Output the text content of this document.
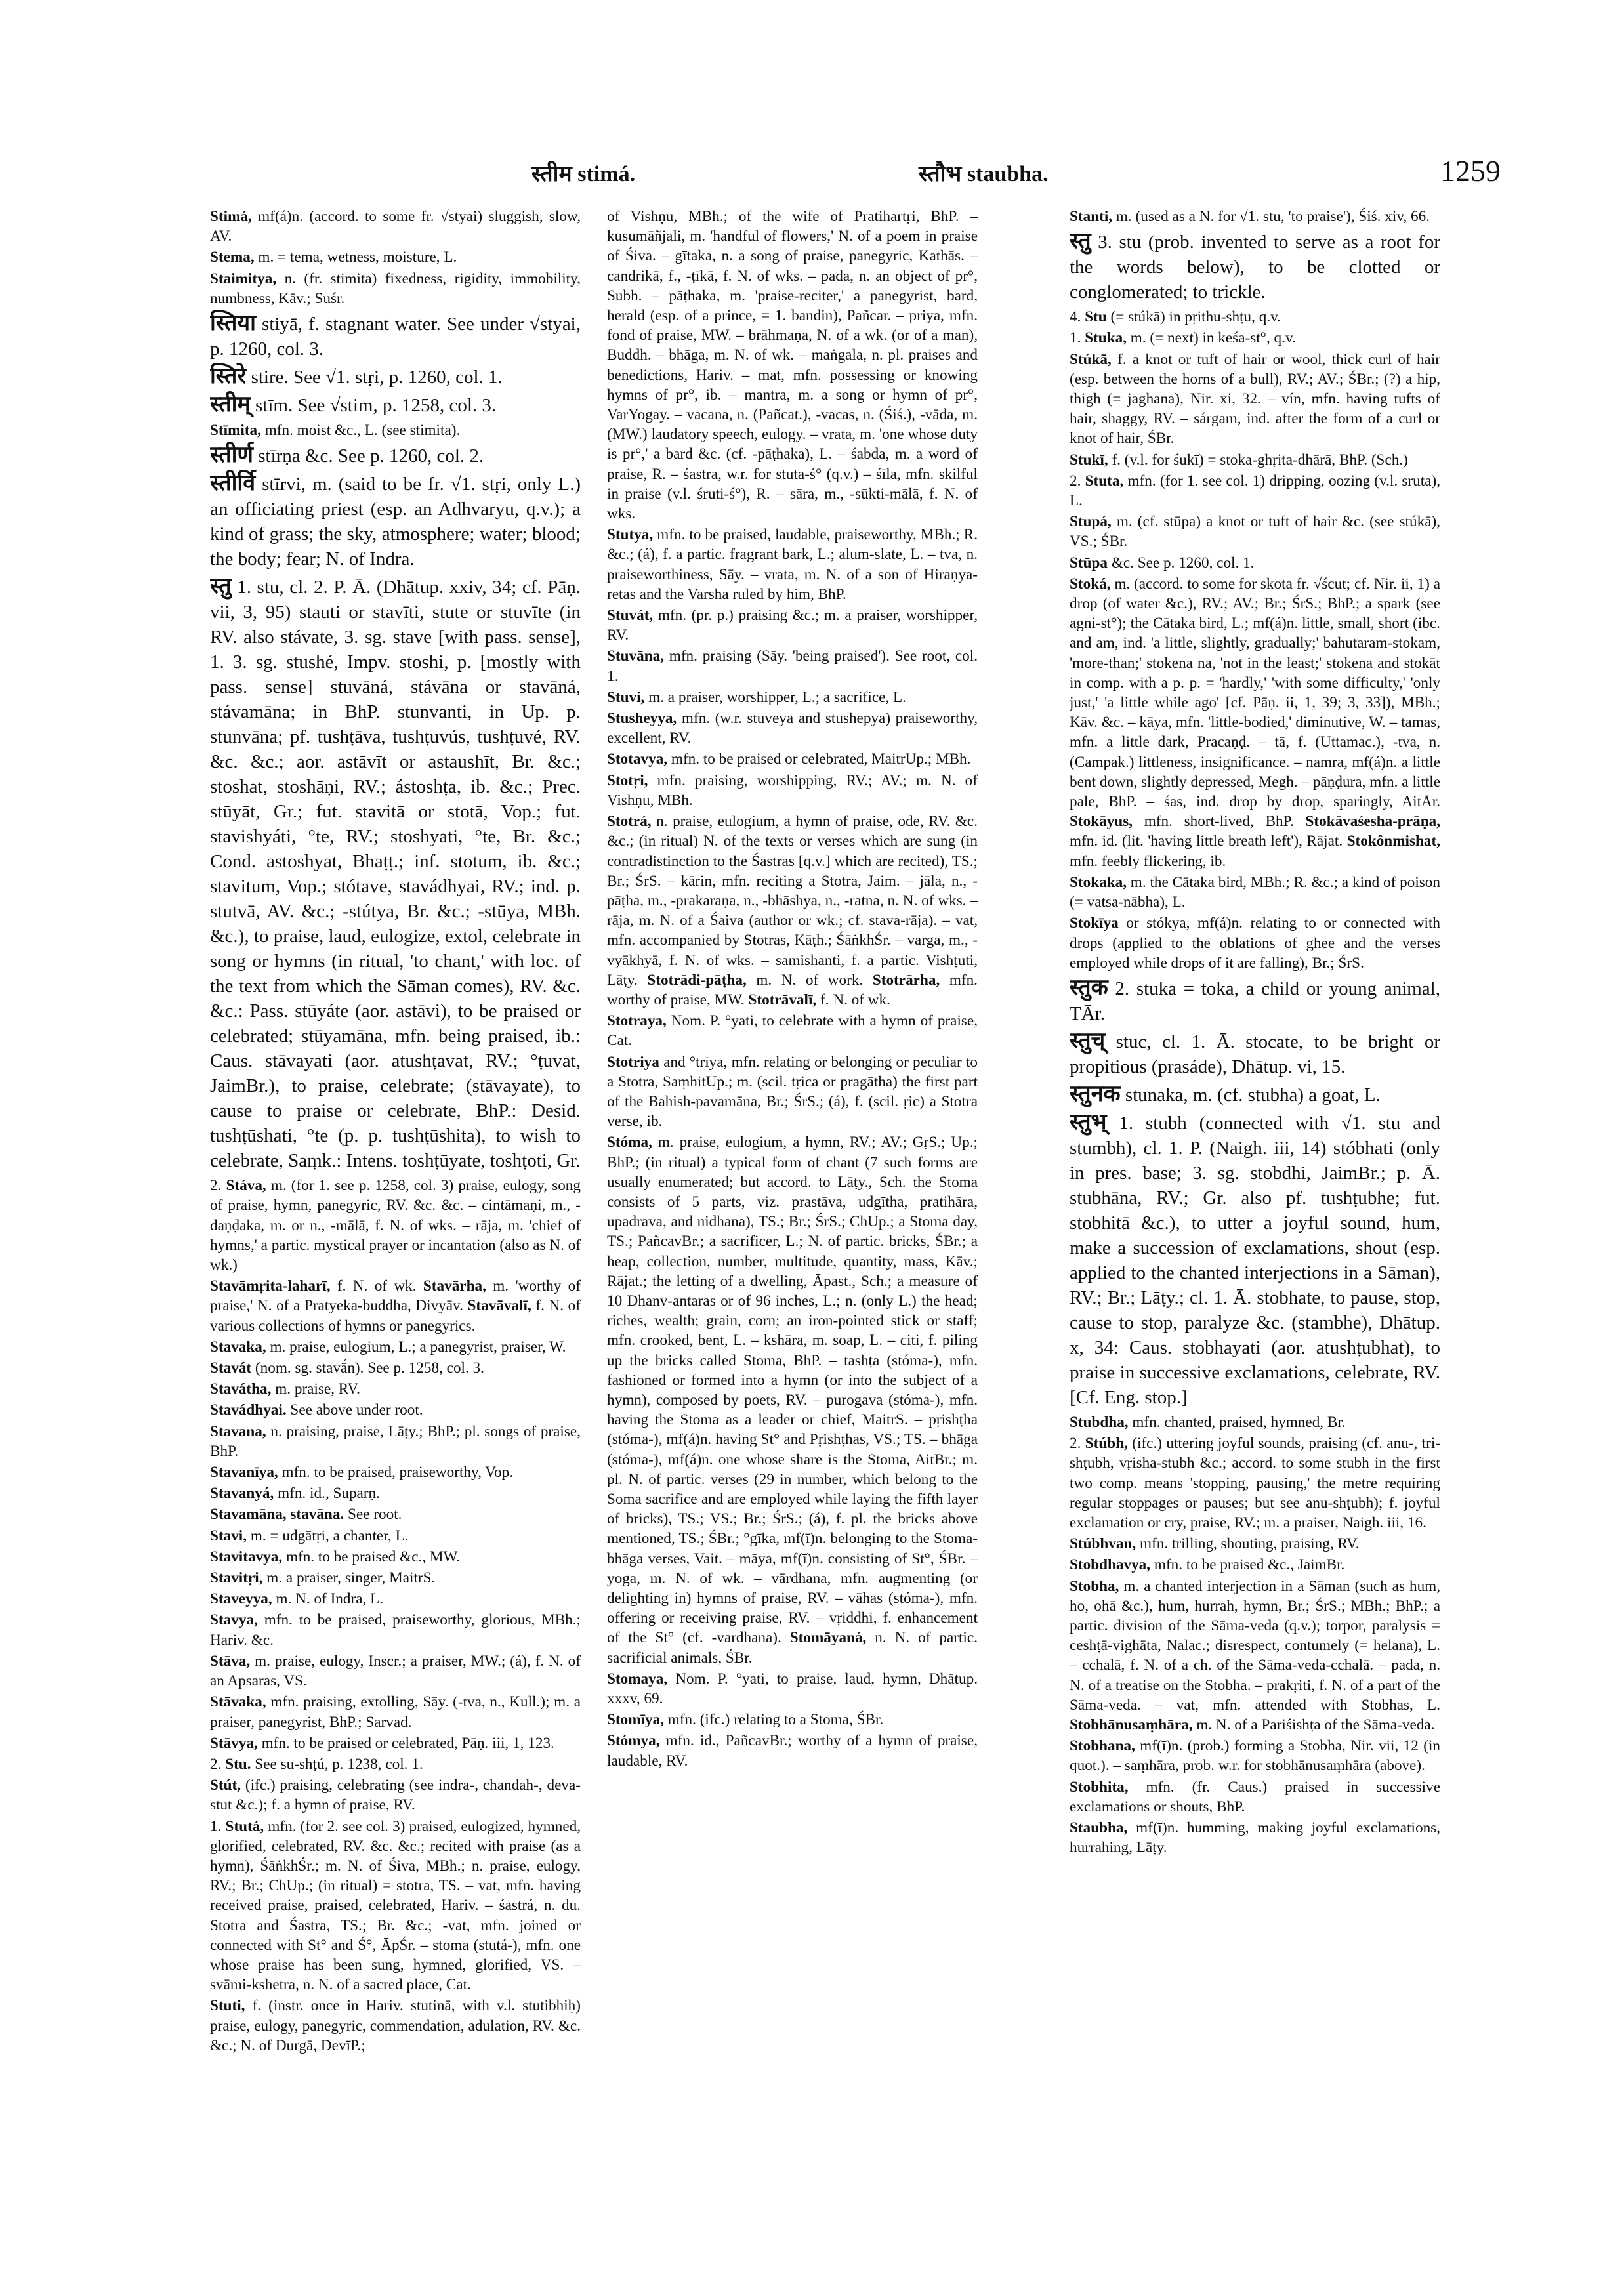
स्तीम stimá.	स्तौभ staubha.	1259

Stimá, mf(á)n. (accord. to some fr. √styai) sluggish, slow, AV.

Stema, m. = tema, wetness, moisture, L.

Staimitya, n. (fr. stimita) fixedness, rigidity, immobility, numbness, Kāv.; Suśr.

स्तिया stiyā, f. stagnant water. See under √styai, p. 1260, col. 3.

स्तिरे stire. See √1. stṛi, p. 1260, col. 1.

स्तीम् stīm. See √stim, p. 1258, col. 3.

Stīmita, mfn. moist &c., L. (see stimita).

स्तीर्ण stīrṇa &c. See p. 1260, col. 2.

स्तीर्वि stīrvi, m. (said to be fr. √1. stṛi, only L.) an officiating priest (esp. an Adhvaryu, q.v.); a kind of grass; the sky, atmosphere; water; blood; the body; fear; N. of Indra.

स्तु 1. stu, cl. 2. P. Ā. (Dhātup. xxiv, 34; cf. Pāṇ. vii, 3, 95) stauti or stavīti, stute or stuvīte (in RV. also stávate, 3. sg. stave [with pass. sense], 1. 3. sg. stushé, Impv. stoshi, p. [mostly with pass. sense] stuvāná, stávāna or stavāná, stávamāna; in BhP. stunvanti, in Up. p. stunvāna; pf. tushṭāva, tushṭuvús, tushṭuvé, RV. &c. &c.; aor. astāvīt or astaushīt, Br. &c.; stoshat, stoshāṇi, RV.; ástoshṭa, ib. &c.; Prec. stūyāt, Gr.; fut. stavitā or stotā, Vop.; fut. stavishyáti, °te, RV.; stoshyati, °te, Br. &c.; Cond. astoshyat, Bhaṭṭ.; inf. stotum, ib. &c.; stavitum, Vop.; stótave, stavádhyai, RV.; ind. p. stutvā, AV. &c.; -stútya, Br. &c.; -stūya, MBh. &c.), to praise, laud, eulogize, extol, celebrate in song or hymns (in ritual, 'to chant,' with loc. of the text from which the Sāman comes), RV. &c. &c.: Pass. stūyáte (aor. astāvi), to be praised or celebrated; stūyamāna, mfn. being praised, ib.: Caus. stāvayati (aor. atushṭavat, RV.; °ṭuvat, JaimBr.), to praise, celebrate; (stāvayate), to cause to praise or celebrate, BhP.: Desid. tushṭūshati, °te (p. p. tushṭūshita), to wish to celebrate, Saṃk.: Intens. toshṭūyate, toshṭoti, Gr.

2. Stáva, m. (for 1. see p. 1258, col. 3) praise, eulogy, song of praise, hymn, panegyric, RV. &c. &c. – cintāmaṇi, m., -daṇḍaka, m. or n., -mālā, f. N. of wks. – rāja, m. 'chief of hymns,' a partic. mystical prayer or incantation (also as N. of wk.)

Stavāmṛita-laharī, f. N. of wk. Stavārha, m. 'worthy of praise,' N. of a Pratyeka-buddha, Divyāv. Stavāvalī, f. N. of various collections of hymns or panegyrics.

Stavaka, m. praise, eulogium, L.; a panegyrist, praiser, W.

Stavát (nom. sg. stavā́n). See p. 1258, col. 3.

Stavátha, m. praise, RV.

Stavádhyai. See above under root.

Stavana, n. praising, praise, Lāṭy.; BhP.; pl. songs of praise, BhP.

Stavanīya, mfn. to be praised, praiseworthy, Vop.

Stavanyá, mfn. id., Suparṇ.

Stavamāna, stavāna. See root.

Stavi, m. = udgātṛi, a chanter, L.

Stavitavya, mfn. to be praised &c., MW.

Stavitṛi, m. a praiser, singer, MaitrS.

Staveyya, m. N. of Indra, L.

Stavya, mfn. to be praised, praiseworthy, glorious, MBh.; Hariv. &c.

Stāva, m. praise, eulogy, Inscr.; a praiser, MW.; (á), f. N. of an Apsaras, VS.

Stāvaka, mfn. praising, extolling, Sāy. (-tva, n., Kull.); m. a praiser, panegyrist, BhP.; Sarvad.

Stāvya, mfn. to be praised or celebrated, Pāṇ. iii, 1, 123.

2. Stu. See su-shṭú, p. 1238, col. 1.

Stút, (ifc.) praising, celebrating (see indra-, chandah-, deva-stut &c.); f. a hymn of praise, RV.

1. Stutá, mfn. (for 2. see col. 3) praised, eulogized, hymned, glorified, celebrated, RV. &c. &c.; recited with praise (as a hymn), ŚāṅkhŚr.; m. N. of Śiva, MBh.; n. praise, eulogy, RV.; Br.; ChUp.; (in ritual) = stotra, TS. – vat, mfn. having received praise, praised, celebrated, Hariv. – śastrá, n. du. Stotra and Śastra, TS.; Br. &c.; -vat, mfn. joined or connected with St° and Ś°, ĀpŚr. – stoma (stutá-), mfn. one whose praise has been sung, hymned, glorified, VS. – svāmi-kshetra, n. N. of a sacred place, Cat.

Stuti, f. (instr. once in Hariv. stutinā, with v.l. stutibhiḥ) praise, eulogy, panegyric, commendation, adulation, RV. &c. &c.; N. of Durgā, DevīP.;

of Vishṇu, MBh.; of the wife of Pratihartṛi, BhP. – kusumāñjali, m. 'handful of flowers,' N. of a poem in praise of Śiva. – gītaka, n. a song of praise, panegyric, Kathās. – candrikā, f., -ṭīkā, f. N. of wks. – pada, n. an object of pr°, Subh. – pāṭhaka, m. 'praise-reciter,' a panegyrist, bard, herald (esp. of a prince, = 1. bandin), Pañcar. – priya, mfn. fond of praise, MW. – brāhmaṇa, N. of a wk. (or of a man), Buddh. – bhāga, m. N. of wk. – maṅgala, n. pl. praises and benedictions, Hariv. – mat, mfn. possessing or knowing hymns of pr°, ib. – mantra, m. a song or hymn of pr°, VarYogay. – vacana, n. (Pañcat.), -vacas, n. (Śiś.), -vāda, m. (MW.) laudatory speech, eulogy. – vrata, m. 'one whose duty is pr°,' a bard &c. (cf. -pāṭhaka), L. – śabda, m. a word of praise, R. – śastra, w.r. for stuta-ś° (q.v.) – śīla, mfn. skilful in praise (v.l. śruti-ś°), R. – sāra, m., -sūkti-mālā, f. N. of wks.

Stutya, mfn. to be praised, laudable, praiseworthy, MBh.; R. &c.; (á), f. a partic. fragrant bark, L.; alum-slate, L. – tva, n. praiseworthiness, Sāy. – vrata, m. N. of a son of Hiraṇya-retas and the Varsha ruled by him, BhP.

Stuvát, mfn. (pr. p.) praising &c.; m. a praiser, worshipper, RV.

Stuvāna, mfn. praising (Sāy. 'being praised'). See root, col. 1.

Stuvi, m. a praiser, worshipper, L.; a sacrifice, L.

Stusheyya, mfn. (w.r. stuveya and stushepya) praiseworthy, excellent, RV.

Stotavya, mfn. to be praised or celebrated, MaitrUp.; MBh.

Stotṛi, mfn. praising, worshipping, RV.; AV.; m. N. of Vishṇu, MBh.

Stotrá, n. praise, eulogium, a hymn of praise, ode, RV. &c. &c.; (in ritual) N. of the texts or verses which are sung (in contradistinction to the Śastras [q.v.] which are recited), TS.; Br.; ŚrS. – kārin, mfn. reciting a Stotra, Jaim. – jāla, n., -pāṭha, m., -prakaraṇa, n., -bhāshya, n., -ratna, n. N. of wks. – rāja, m. N. of a Śaiva (author or wk.; cf. stava-rāja). – vat, mfn. accompanied by Stotras, Kāṭh.; ŚāṅkhŚr. – varga, m., -vyākhyā, f. N. of wks. – samishanti, f. a partic. Vishṭuti, Lāṭy. Stotrādi-pāṭha, m. N. of work. Stotrārha, mfn. worthy of praise, MW. Stotrāvalī, f. N. of wk.

Stotraya, Nom. P. °yati, to celebrate with a hymn of praise, Cat.

Stotriya and °trīya, mfn. relating or belonging or peculiar to a Stotra, SaṃhitUp.; m. (scil. tṛica or pragātha) the first part of the Bahish-pavamāna, Br.; ŚrS.; (á), f. (scil. ṛic) a Stotra verse, ib.

Stóma, m. praise, eulogium, a hymn, RV.; AV.; GṛS.; Up.; BhP.; (in ritual) a typical form of chant (7 such forms are usually enumerated; but accord. to Lāṭy., Sch. the Stoma consists of 5 parts, viz. prastāva, udgītha, pratihāra, upadrava, and nidhana), TS.; Br.; ŚrS.; ChUp.; a Stoma day, TS.; PañcavBr.; a sacrificer, L.; N. of partic. bricks, ŚBr.; a heap, collection, number, multitude, quantity, mass, Kāv.; Rājat.; the letting of a dwelling, Āpast., Sch.; a measure of 10 Dhanv-antaras or of 96 inches, L.; n. (only L.) the head; riches, wealth; grain, corn; an iron-pointed stick or staff; mfn. crooked, bent, L. – kshāra, m. soap, L. – citi, f. piling up the bricks called Stoma, BhP. – tashṭa (stóma-), mfn. fashioned or formed into a hymn (or into the subject of a hymn), composed by poets, RV. – purogava (stóma-), mfn. having the Stoma as a leader or chief, MaitrS. – pṛishṭha (stóma-), mf(á)n. having St° and Pṛishṭhas, VS.; TS. – bhāga (stóma-), mf(á)n. one whose share is the Stoma, AitBr.; m. pl. N. of partic. verses (29 in number, which belong to the Soma sacrifice and are employed while laying the fifth layer of bricks), TS.; VS.; Br.; ŚrS.; (á), f. pl. the bricks above mentioned, TS.; ŚBr.; °gīka, mf(ī)n. belonging to the Stoma-bhāga verses, Vait. – māya, mf(ī)n. consisting of St°, ŚBr. – yoga, m. N. of wk. – vārdhana, mfn. augmenting (or delighting in) hymns of praise, RV. – vāhas (stóma-), mfn. offering or receiving praise, RV. – vṛiddhi, f. enhancement of the St° (cf. -vardhana). Stomāyaná, n. N. of partic. sacrificial animals, ŚBr.

Stomaya, Nom. P. °yati, to praise, laud, hymn, Dhātup. xxxv, 69.

Stomīya, mfn. (ifc.) relating to a Stoma, ŚBr.

Stómya, mfn. id., PañcavBr.; worthy of a hymn of praise, laudable, RV.

Stanti, m. (used as a N. for √1. stu, 'to praise'), Śiś. xiv, 66.

स्तु 3. stu (prob. invented to serve as a root for the words below), to be clotted or conglomerated; to trickle.

4. Stu (= stúkā) in pṛithu-shṭu, q.v.

1. Stuka, m. (= next) in keśa-st°, q.v.

Stúkā, f. a knot or tuft of hair or wool, thick curl of hair (esp. between the horns of a bull), RV.; AV.; ŚBr.; (?) a hip, thigh (= jaghana), Nir. xi, 32. – vín, mfn. having tufts of hair, shaggy, RV. – sárgam, ind. after the form of a curl or knot of hair, ŚBr.

Stukī, f. (v.l. for śukī) = stoka-ghṛita-dhārā, BhP. (Sch.)

2. Stuta, mfn. (for 1. see col. 1) dripping, oozing (v.l. sruta), L.

Stupá, m. (cf. stūpa) a knot or tuft of hair &c. (see stúkā), VS.; ŚBr.

Stūpa &c. See p. 1260, col. 1.

Stoká, m. (accord. to some for skota fr. √ścut; cf. Nir. ii, 1) a drop (of water &c.), RV.; AV.; Br.; ŚrS.; BhP.; a spark (see agni-st°); the Cātaka bird, L.; mf(á)n. little, small, short (ibc. and am, ind. 'a little, slightly, gradually;' bahutaram-stokam, 'more-than;' stokena na, 'not in the least;' stokena and stokāt in comp. with a p. p. = 'hardly,' 'with some difficulty,' 'only just,' 'a little while ago' [cf. Pāṇ. ii, 1, 39; 3, 33]), MBh.; Kāv. &c. – kāya, mfn. 'little-bodied,' diminutive, W. – tamas, mfn. a little dark, Pracaṇḍ. – tā, f. (Uttamac.), -tva, n. (Campak.) littleness, insignificance. – namra, mf(á)n. a little bent down, slightly depressed, Megh. – pāṇḍura, mfn. a little pale, BhP. – śas, ind. drop by drop, sparingly, AitĀr. Stokāyus, mfn. short-lived, BhP. Stokāvaśesha-prāṇa, mfn. id. (lit. 'having little breath left'), Rājat. Stokônmishat, mfn. feebly flickering, ib.

Stokaka, m. the Cātaka bird, MBh.; R. &c.; a kind of poison (= vatsa-nābha), L.

Stokīya or stókya, mf(á)n. relating to or connected with drops (applied to the oblations of ghee and the verses employed while drops of it are falling), Br.; ŚrS.

स्तुक 2. stuka = toka, a child or young animal, TĀr.

स्तुच् stuc, cl. 1. Ā. stocate, to be bright or propitious (prasáde), Dhātup. vi, 15.

स्तुनक stunaka, m. (cf. stubha) a goat, L.

स्तुभ् 1. stubh (connected with √1. stu and stumbh), cl. 1. P. (Naigh. iii, 14) stóbhati (only in pres. base; 3. sg. stobdhi, JaimBr.; p. Ā. stubhāna, RV.; Gr. also pf. tushṭubhe; fut. stobhitā &c.), to utter a joyful sound, hum, make a succession of exclamations, shout (esp. applied to the chanted interjections in a Sāman), RV.; Br.; Lāṭy.; cl. 1. Ā. stobhate, to pause, stop, cause to stop, paralyze &c. (stambhe), Dhātup. x, 34: Caus. stobhayati (aor. atushṭubhat), to praise in successive exclamations, celebrate, RV. [Cf. Eng. stop.]

Stubdha, mfn. chanted, praised, hymned, Br.

2. Stúbh, (ifc.) uttering joyful sounds, praising (cf. anu-, tri-shṭubh, vṛisha-stubh &c.; accord. to some stubh in the first two comp. means 'stopping, pausing,' the metre requiring regular stoppages or pauses; but see anu-shṭubh); f. joyful exclamation or cry, praise, RV.; m. a praiser, Naigh. iii, 16.

Stúbhvan, mfn. trilling, shouting, praising, RV.

Stobdhavya, mfn. to be praised &c., JaimBr.

Stobha, m. a chanted interjection in a Sāman (such as hum, ho, ohā &c.), hum, hurrah, hymn, Br.; ŚrS.; MBh.; BhP.; a partic. division of the Sāma-veda (q.v.); torpor, paralysis = ceshṭā-vighāta, Nalac.; disrespect, contumely (= helana), L. – cchalā, f. N. of a ch. of the Sāma-veda-cchalā. – pada, n. N. of a treatise on the Stobha. – prakṛiti, f. N. of a part of the Sāma-veda. – vat, mfn. attended with Stobhas, L. Stobhānusaṃhāra, m. N. of a Pariśishṭa of the Sāma-veda.

Stobhana, mf(ī)n. (prob.) forming a Stobha, Nir. vii, 12 (in quot.). – saṃhāra, prob. w.r. for stobhānusaṃhāra (above).

Stobhita, mfn. (fr. Caus.) praised in successive exclamations or shouts, BhP.

Staubha, mf(ī)n. humming, making joyful exclamations, hurrahing, Lāṭy.
